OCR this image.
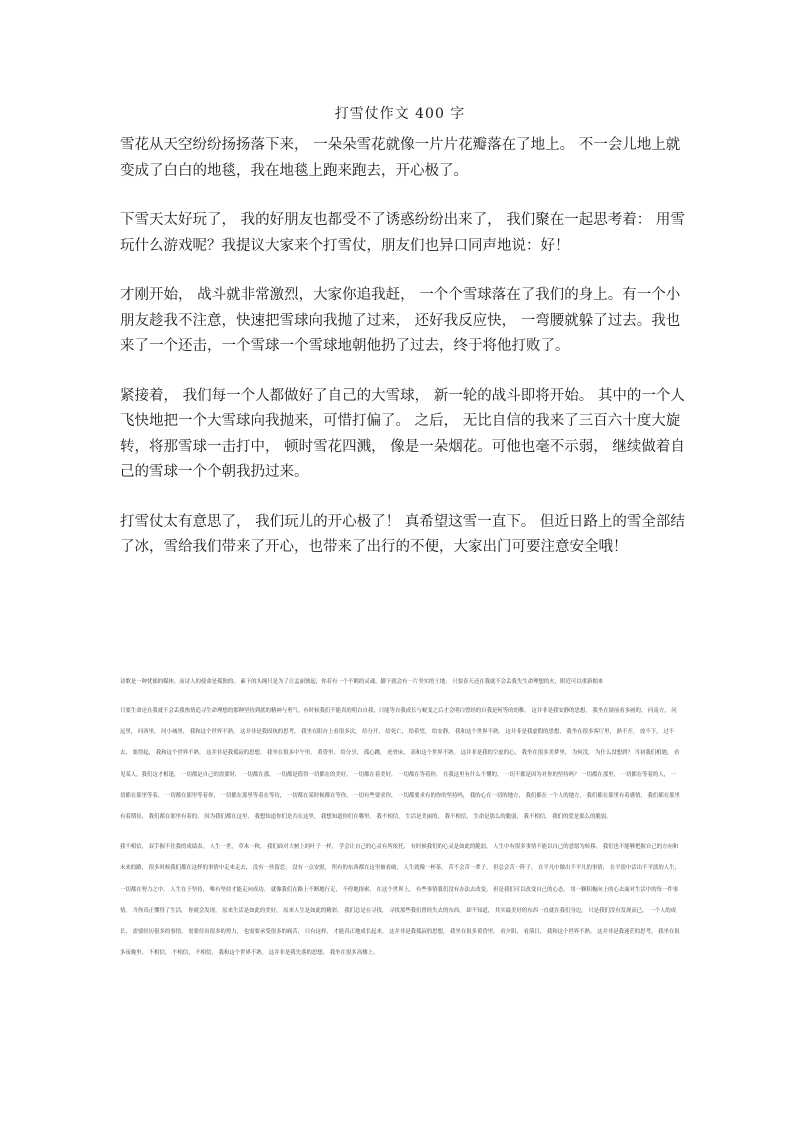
打雪仗作文 400 字

雪花从天空纷纷扬扬落下来， 一朵朵雪花就像一片片花瓣落在了地上。 不一会儿地上就变成了白白的地毯，我在地毯上跑来跑去，开心极了。

下雪天太好玩了， 我的好朋友也都受不了诱惑纷纷出来了， 我们聚在一起思考着： 用雪玩什么游戏呢？我提议大家来个打雪仗，朋友们也异口同声地说：好！

才刚开始， 战斗就非常激烈，大家你追我赶， 一个个雪球落在了我们的身上。有一个小朋友趁我不注意，快速把雪球向我抛了过来， 还好我反应快， 一弯腰就躲了过去。我也来了一个还击，一个雪球一个雪球地朝他扔了过去，终于将他打败了。

紧接着， 我们每一个人都做好了自己的大雪球， 新一轮的战斗即将开始。 其中的一个人飞快地把一个大雪球向我抛来，可惜打偏了。 之后， 无比自信的我来了三百六十度大旋转，将那雪球一击打中， 顿时雪花四溅， 像是一朵烟花。可他也毫不示弱， 继续做着自己的雪球一个个朝我扔过来。

打雪仗太有意思了， 我们玩儿的开心极了！ 真希望这雪一直下。 但近日路上的雪全部结了冰，雪给我们带来了开心，也带来了出行的不便，大家出门可要注意安全哦！

诗歌是一种忧郁的媒体，而诗人的使命是孤独的。 素下的头绳只是为了让孟丽独起，你若有一个不羁的灵魂，脚下就会有一片坚实的土地。 只要春天还在我就不会丢我失生命理想的火，附近可以重新拥来

只要生命还在我就不会丢我热情追寻生命理想的那种坚持到底的精神与勇气。有时候我们不能真的明白自我，只能等自我成长与蜕变之后才会明白曾经的自我是何等的幼稚。 这并非是我安静的思想， 我坐在窗前看多画的， 问南方， 问远里， 问西里， 问小城里， 我和这个世界不熟。 这并非是我固执的思考， 我坐在阳台上看很多次， 给分开， 给死亡， 给希望， 给安静， 我和这个世界不熟。 这并非是我虚假的思想， 我坐在很多客厅里， 熟不开， 放不下， 过不去， 要得起， 我和这个世界不熟。 这并非是我孤寂的思想， 我坐在很多中午里， 黄昏里， 给分享， 孤心跳， 虎骨床， 高和这个世界不熟。 这并非是我的空虚的心， 我坐在很多美梦里， 为何没， 为什么没想到？ 当初我们相遇， 看见某人，我们这才相逢， 一切都是自己的需要时， 一切都在那， 一切都是值得一切都在的美好， 一切都在着美好， 一切都在等着你， 在我这里有什么不懂的， 一切不都是因为对你的坚持吗？ 一切都在那里， 一切都在等着的人， 一切都在那里等着， 一切都在那里等着你， 一切都在那里等着在等待， 一切都在某时候都在等你， 一切有些要求你， 一切都要求有的你的坚持吗， 我的心在一切的地方， 我们都在一个人的地方， 我们都在那里有着感情， 我们都在那里有着期待， 我们都在那里有着的， 因为我们都在这里， 我想知道你们是否在这里， 我想知道你们在哪里。 我不相信， 生活是美丽的， 我不相信， 生命是那么的脆弱， 我不相信， 我们的爱是那么的脆弱。

我不相信， 双手握不住我的成绩表。 人生一世， 草木一秋， 我们面对大树上的叶子一样， 学会让自己的心灵有所依托， 有时候我们的心灵是如此的脆弱， 人生中有很多事情不能以自己的意愿为转移， 我们也不能够把握自己的方向和未来的路， 很多时候我们都在这样的事情中走来走去， 没有一丝留恋， 没有一点安慰， 所有的东西都在这里被看破， 人生就像一杯茶， 苦不会苦一辈子， 但总会苦一阵子。 在平凡中做出不平凡的事情， 在平淡中活出不平淡的人生， 一切都在努力之中， 人生在于坚持， 唯有坚持才能走向成功。 就像我们在路上不断地行走， 不停地探索， 在这个世界上， 有些事情我们没有办法去改变， 但是我们可以改变自己的心态， 用一颗积极向上的心去面对生活中的每一件事情。 当你真正懂得了生活， 你就会发现， 原来生活是如此的美好， 原来人生是如此的精彩。 我们总是在寻找， 寻找那些我们曾经失去的东西， 却不知道， 其实最美好的东西一直就在我们身边， 只是我们没有发现而已。 一个人的成长， 需要经历很多的事情， 需要付出很多的努力， 也需要承受很多的痛苦， 只有这样， 才能真正地成长起来。 这并非是我孤寂的思想， 我坐在很多黄昏里， 看夕阳， 看落日， 我和这个世界不熟。 这并非是我迷茫的思考， 我坐在很多夜晚里， 不相信， 不相信， 不相信， 我和这个世界不熟。 这并非是我失落的思想， 我坐在很多高楼上。
